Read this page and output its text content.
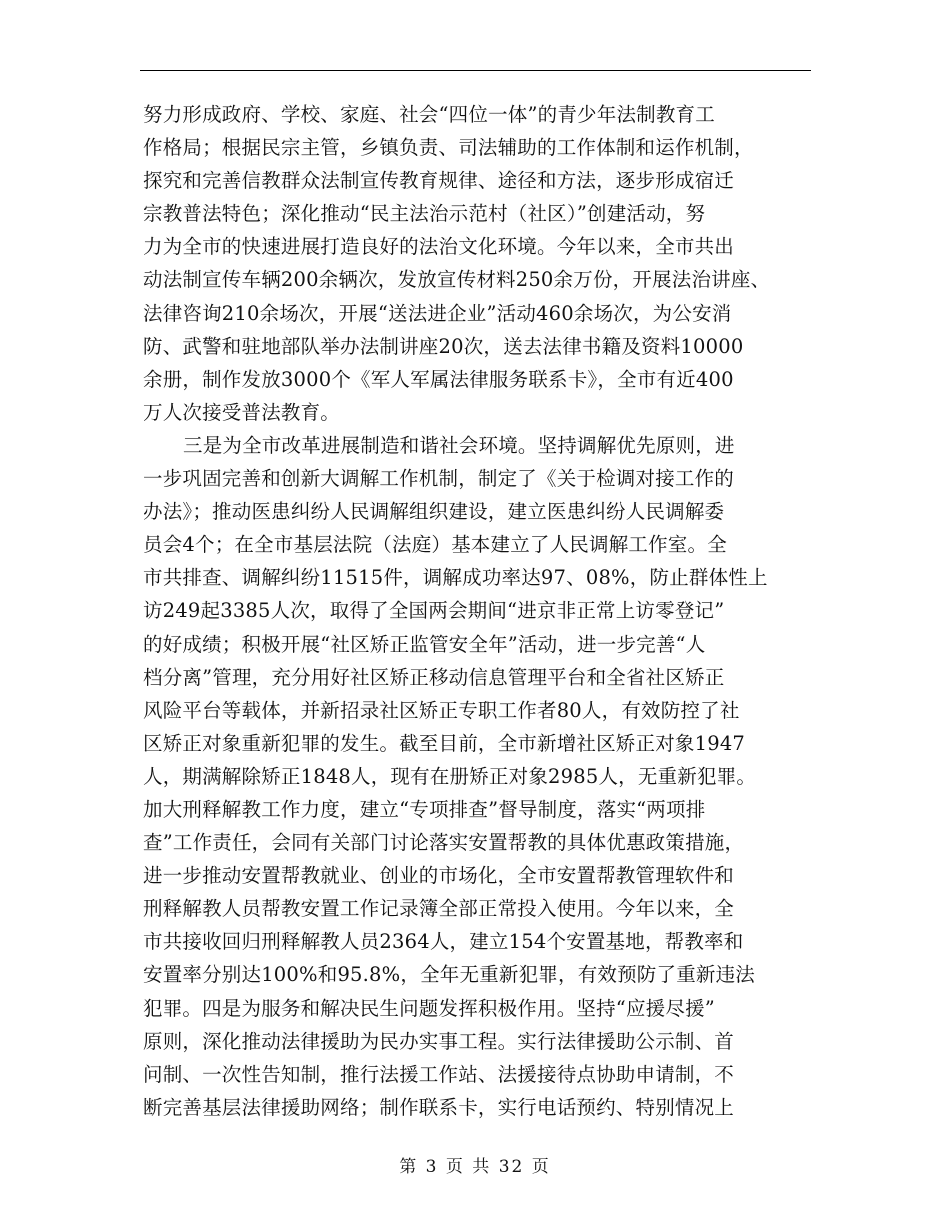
努力形成政府、学校、家庭、社会“四位一体”的青少年法制教育工
作格局；根据民宗主管，乡镇负责、司法辅助的工作体制和运作机制，
探究和完善信教群众法制宣传教育规律、途径和方法，逐步形成宿迁
宗教普法特色；深化推动“民主法治示范村（社区）”创建活动，努
力为全市的快速进展打造良好的法治文化环境。今年以来，全市共出
动法制宣传车辆200余辆次，发放宣传材料250余万份，开展法治讲座、
法律咨询210余场次，开展“送法进企业”活动460余场次，为公安消
防、武警和驻地部队举办法制讲座20次，送去法律书籍及资料10000
余册，制作发放3000个《军人军属法律服务联系卡》，全市有近400
万人次接受普法教育。
三是为全市改革进展制造和谐社会环境。坚持调解优先原则，进
一步巩固完善和创新大调解工作机制，制定了《关于检调对接工作的
办法》；推动医患纠纷人民调解组织建设，建立医患纠纷人民调解委
员会4个；在全市基层法院（法庭）基本建立了人民调解工作室。全
市共排查、调解纠纷11515件，调解成功率达97、08%，防止群体性上
访249起3385人次，取得了全国两会期间“进京非正常上访零登记”
的好成绩；积极开展“社区矫正监管安全年”活动，进一步完善“人
档分离”管理，充分用好社区矫正移动信息管理平台和全省社区矫正
风险平台等载体，并新招录社区矫正专职工作者80人，有效防控了社
区矫正对象重新犯罪的发生。截至目前，全市新增社区矫正对象1947
人，期满解除矫正1848人，现有在册矫正对象2985人，无重新犯罪。
加大刑释解教工作力度，建立“专项排查”督导制度，落实“两项排
查”工作责任，会同有关部门讨论落实安置帮教的具体优惠政策措施，
进一步推动安置帮教就业、创业的市场化，全市安置帮教管理软件和
刑释解教人员帮教安置工作记录簿全部正常投入使用。今年以来，全
市共接收回归刑释解教人员2364人，建立154个安置基地，帮教率和
安置率分别达100%和95.8%，全年无重新犯罪，有效预防了重新违法
犯罪。四是为服务和解决民生问题发挥积极作用。坚持“应援尽援”
原则，深化推动法律援助为民办实事工程。实行法律援助公示制、首
问制、一次性告知制，推行法援工作站、法援接待点协助申请制，不
断完善基层法律援助网络；制作联系卡，实行电话预约、特别情况上
第 3 页 共 32 页
